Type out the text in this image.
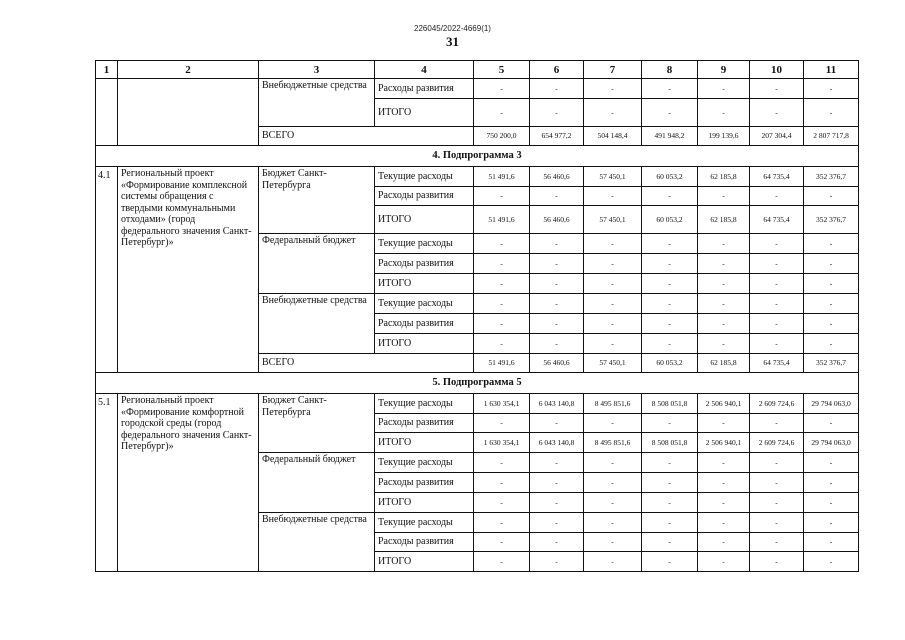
226045/2022-4669(1)
31
1	2	3	4	5	6	7	8	9	10	11
		Внебюджетные средства	Расходы развития	-	-	-	-	-	-	-
			ИТОГО	-	-	-	-	-	-	-
		ВСЕГО		750 200,0	654 977,2	504 148,4	491 948,2	199 139,6	207 304,4	2 807 717,8
4. Подпрограмма 3										
4.1	Региональный проект «Формирование комплексной системы обращения с твердыми коммунальными отходами» (город федерального значения Санкт-Петербург)»	Бюджет Санкт-Петербурга	Текущие расходы	51 491,6	56 460,6	57 450,1	60 053,2	62 185,8	64 735,4	352 376,7
			Расходы развития	-	-	-	-	-	-	-
			ИТОГО	51 491,6	56 460,6	57 450,1	60 053,2	62 185,8	64 735,4	352 376,7
		Федеральный бюджет	Текущие расходы	-	-	-	-	-	-	-
			Расходы развития	-	-	-	-	-	-	-
			ИТОГО	-	-	-	-	-	-	-
		Внебюджетные средства	Текущие расходы	-	-	-	-	-	-	-
			Расходы развития	-	-	-	-	-	-	-
			ИТОГО	-	-	-	-	-	-	-
		ВСЕГО		51 491,6	56 460,6	57 450,1	60 053,2	62 185,8	64 735,4	352 376,7
5. Подпрограмма 5										
5.1	Региональный проект «Формирование комфортной городской среды (город федерального значения Санкт-Петербург)»	Бюджет Санкт-Петербурга	Текущие расходы	1 630 354,1	6 043 140,8	8 495 851,6	8 508 051,8	2 506 940,1	2 609 724,6	29 794 063,0
			Расходы развития	-	-	-	-	-	-	-
			ИТОГО	1 630 354,1	6 043 140,8	8 495 851,6	8 508 051,8	2 506 940,1	2 609 724,6	29 794 063,0
		Федеральный бюджет	Текущие расходы	-	-	-	-	-	-	-
			Расходы развития	-	-	-	-	-	-	-
			ИТОГО	-	-	-	-	-	-	-
		Внебюджетные средства	Текущие расходы	-	-	-	-	-	-	-
			Расходы развития	-	-	-	-	-	-	-
			ИТОГО	-	-	-	-	-	-	-
